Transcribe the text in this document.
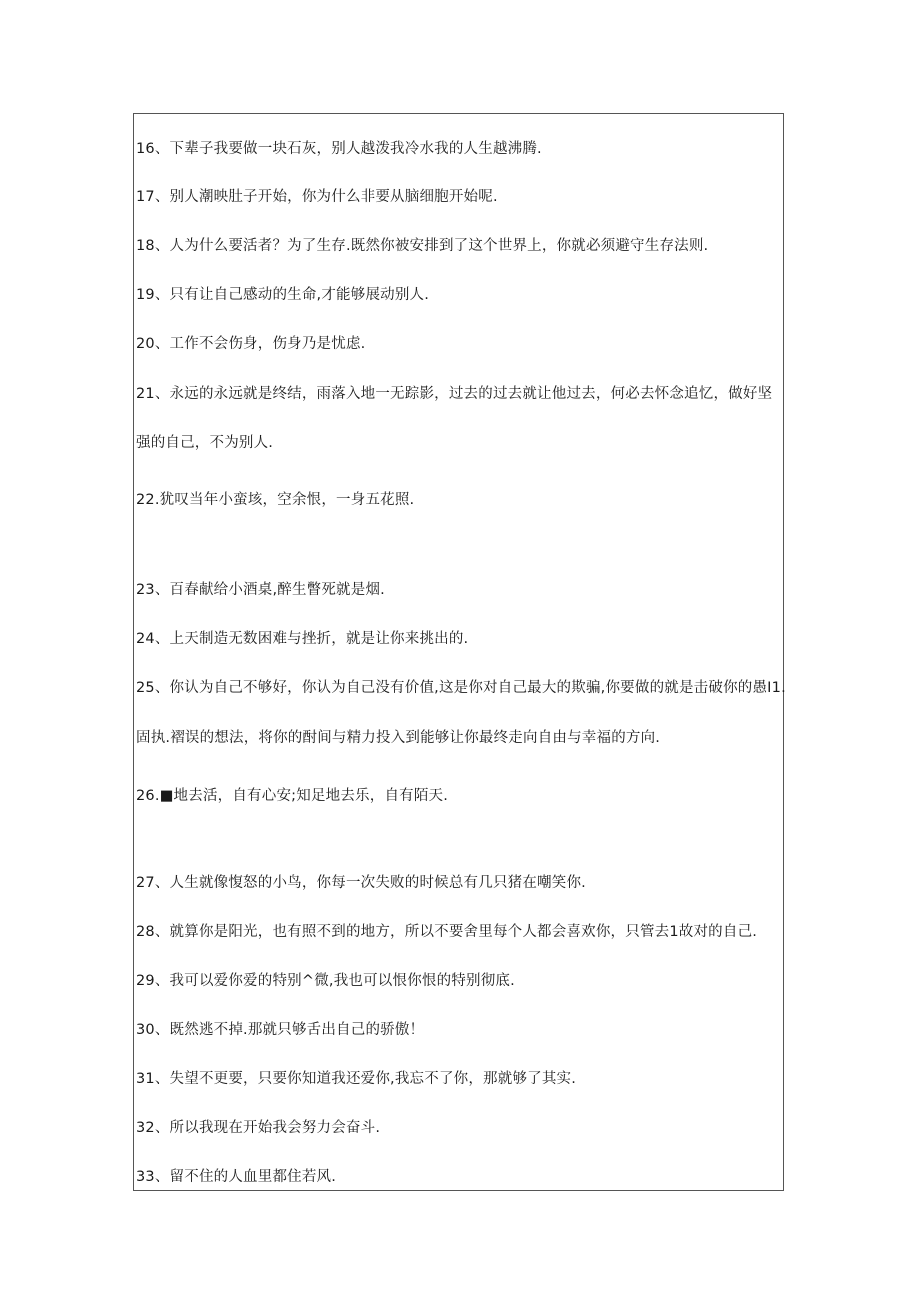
16、下辈子我要做一块石灰，别人越泼我冷水我的人生越沸腾.
17、别人潮映肚子开始，你为什么非要从脑细胞开始呢.
18、人为什么要活者？为了生存.既然你被安排到了这个世界上，你就必须避守生存法则.
19、只有让自己感动的生命,才能够展动别人.
20、工作不会伤身，伤身乃是忧虑.
21、永远的永远就是终结，雨落入地一无踪影，过去的过去就让他过去，何必去怀念追忆，做好坚
强的自己，不为别人.
22.犹叹当年小蛮垓，空余恨，一身五花照.
23、百春献给小酒桌,醉生瞥死就是烟.
24、上天制造无数困难与挫折，就是让你来挑出的.
25、你认为自己不够好，你认为自己没有价值,这是你对自己最大的欺骗,你要做的就是击破你的愚I1.
固执.褶误的想法，将你的酎间与精力投入到能够让你最终走向自由与幸福的方向.
26.■地去活，自有心安;知足地去乐，自有陌天.
27、人生就像愎怒的小鸟，你每一次失败的时候总有几只猪在嘲笑你.
28、就算你是阳光，也有照不到的地方，所以不要舍里每个人都会喜欢你，只管去1故对的自己.
29、我可以爱你爱的特别^微,我也可以恨你恨的特别彻底.
30、既然逃不掉.那就只够舌出自己的骄傲！
31、失望不更要，只要你知道我还爱你,我忘不了你，那就够了其实.
32、所以我现在开始我会努力会奋斗.
33、留不住的人血里都住若风.
